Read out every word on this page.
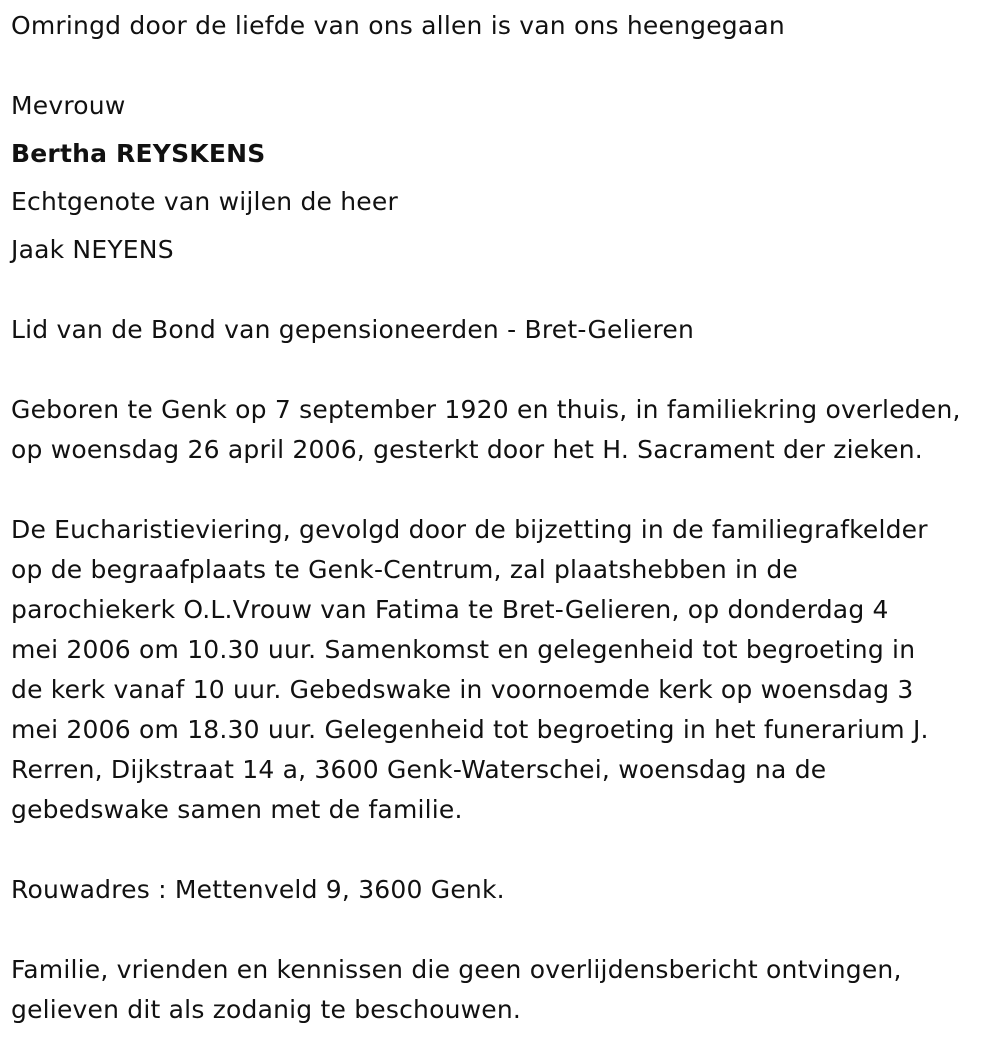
Omringd door de liefde van ons allen is van ons heengegaan

Mevrouw

Bertha REYSKENS

Echtgenote van wijlen de heer

Jaak NEYENS

Lid van de Bond van gepensioneerden - Bret-Gelieren

Geboren te Genk op 7 september 1920 en thuis, in familiekring overleden,

op woensdag 26 april 2006, gesterkt door het H. Sacrament der zieken.

De Eucharistieviering, gevolgd door de bijzetting in de familiegrafkelder

op de begraafplaats te Genk-Centrum, zal plaatshebben in de

parochiekerk O.L.Vrouw van Fatima te Bret-Gelieren, op donderdag 4

mei 2006 om 10.30 uur. Samenkomst en gelegenheid tot begroeting in

de kerk vanaf 10 uur. Gebedswake in voornoemde kerk op woensdag 3

mei 2006 om 18.30 uur. Gelegenheid tot begroeting in het funerarium J.

Rerren, Dijkstraat 14 a, 3600 Genk-Waterschei, woensdag na de

gebedswake samen met de familie.

Rouwadres : Mettenveld 9, 3600 Genk.

Familie, vrienden en kennissen die geen overlijdensbericht ontvingen,

gelieven dit als zodanig te beschouwen.
